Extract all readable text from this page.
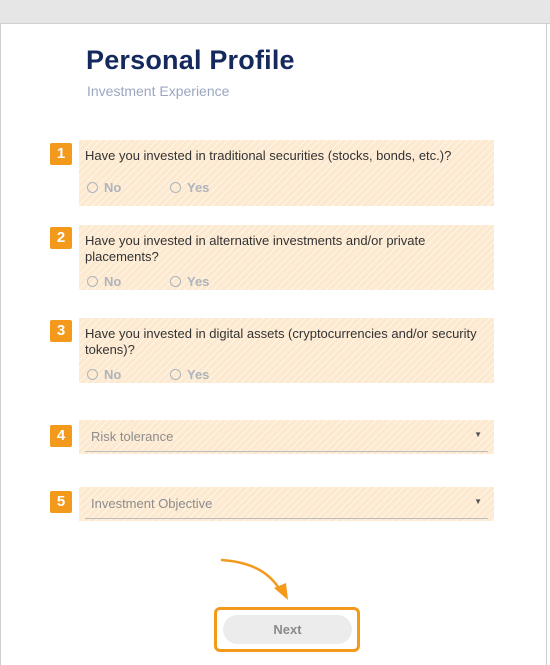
Personal Profile
Investment Experience
1	Have you invested in traditional securities (stocks, bonds, etc.)?
No	Yes
2	Have you invested in alternative investments and/or private placements?
No	Yes
3	Have you invested in digital assets (cryptocurrencies and/or security tokens)?
No	Yes
4	Risk tolerance	▼
5	Investment Objective	▼
Next
